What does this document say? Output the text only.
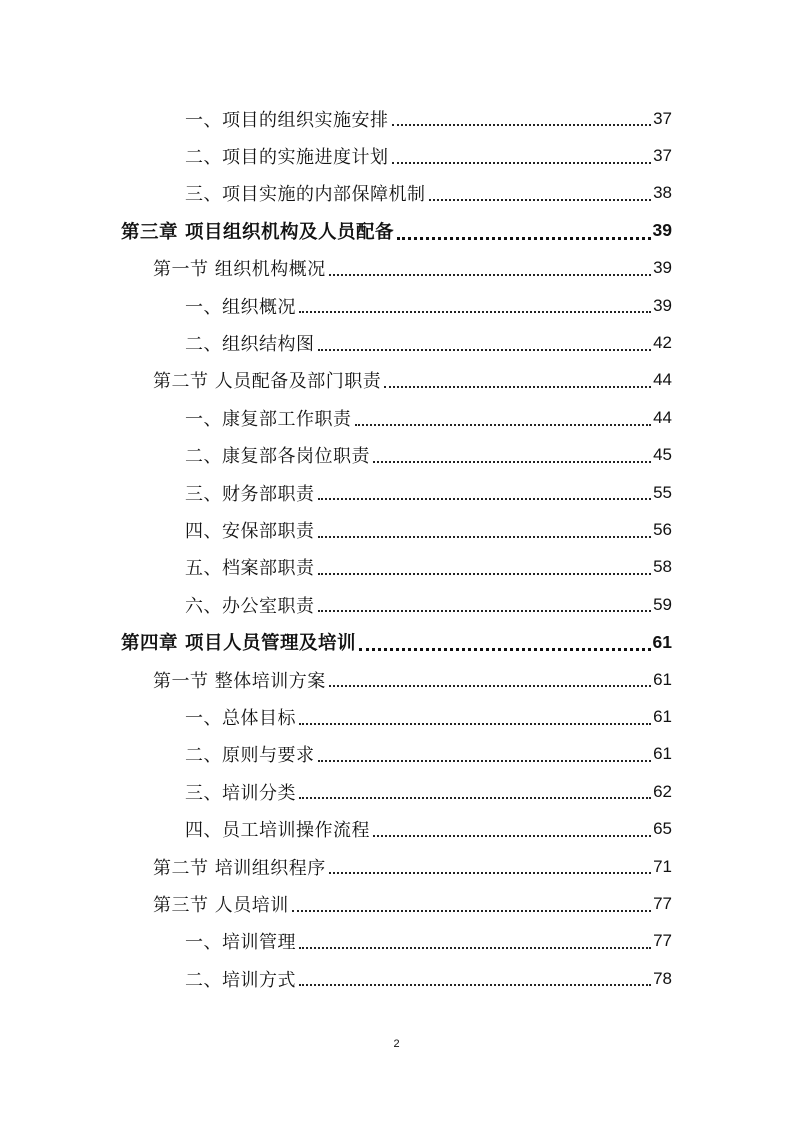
一、项目的组织实施安排	37
二、项目的实施进度计划	37
三、项目实施的内部保障机制	38
第三章 项目组织机构及人员配备	39
第一节 组织机构概况	39
一、组织概况	39
二、组织结构图	42
第二节 人员配备及部门职责	44
一、康复部工作职责	44
二、康复部各岗位职责	45
三、财务部职责	55
四、安保部职责	56
五、档案部职责	58
六、办公室职责	59
第四章 项目人员管理及培训	61
第一节 整体培训方案	61
一、总体目标	61
二、原则与要求	61
三、培训分类	62
四、员工培训操作流程	65
第二节 培训组织程序	71
第三节 人员培训	77
一、培训管理	77
二、培训方式	78
2
